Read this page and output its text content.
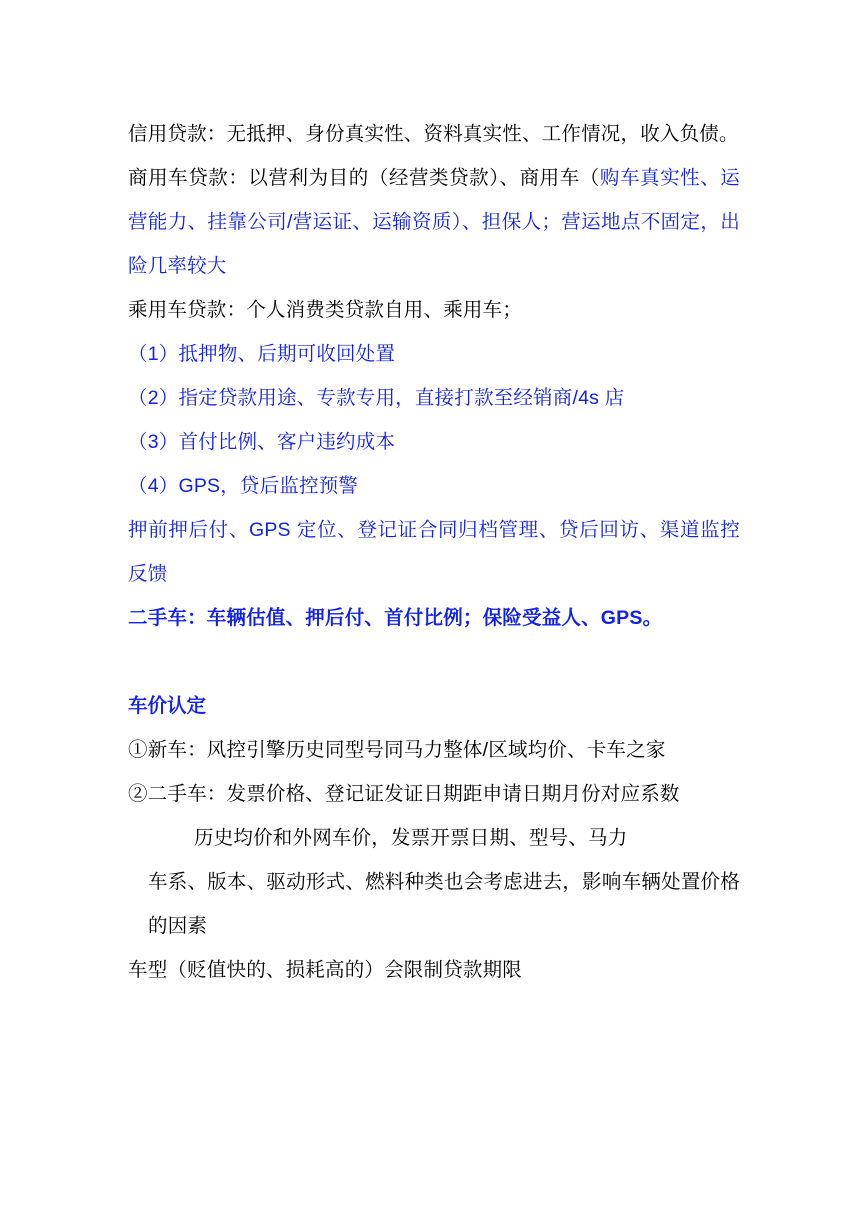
信用贷款：无抵押、身份真实性、资料真实性、工作情况，收入负债。

商用车贷款：以营利为目的（经营类贷款）、商用车（购车真实性、运营能力、挂靠公司/营运证、运输资质）、担保人；营运地点不固定，出险几率较大

乘用车贷款：个人消费类贷款自用、乘用车；

（1）抵押物、后期可收回处置

（2）指定贷款用途、专款专用，直接打款至经销商/4s 店

（3）首付比例、客户违约成本

（4）GPS，贷后监控预警

押前押后付、GPS 定位、登记证合同归档管理、贷后回访、渠道监控反馈

二手车：车辆估值、押后付、首付比例；保险受益人、GPS。

车价认定

①新车：风控引擎历史同型号同马力整体/区域均价、卡车之家

②二手车：发票价格、登记证发证日期距申请日期月份对应系数

历史均价和外网车价，发票开票日期、型号、马力

车系、版本、驱动形式、燃料种类也会考虑进去，影响车辆处置价格的因素

车型（贬值快的、损耗高的）会限制贷款期限
